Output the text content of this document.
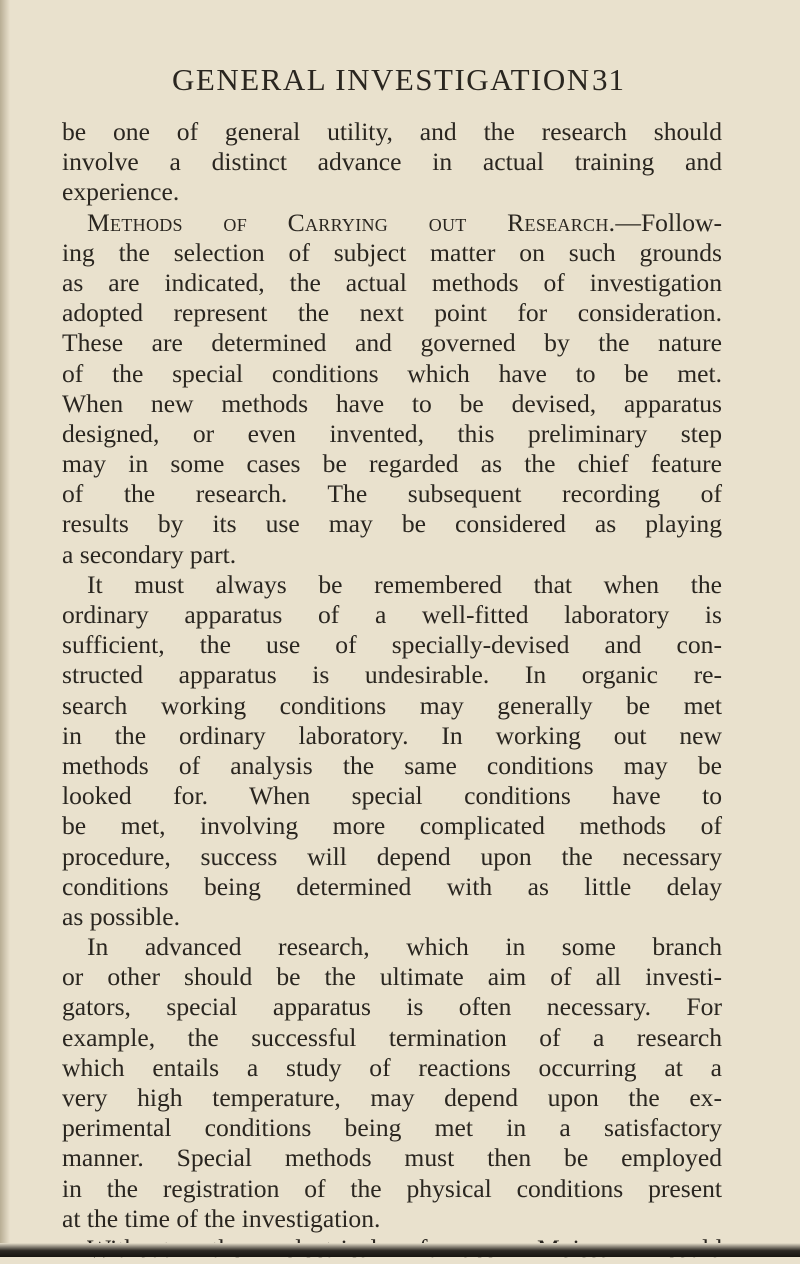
GENERAL INVESTIGATION 31
be one of general utility, and the research should
involve a distinct advance in actual training and
experience.
Methods of Carrying out Research.—Follow-
ing the selection of subject matter on such grounds
as are indicated, the actual methods of investigation
adopted represent the next point for consideration.
These are determined and governed by the nature
of the special conditions which have to be met.
When new methods have to be devised, apparatus
designed, or even invented, this preliminary step
may in some cases be regarded as the chief feature
of the research. The subsequent recording of
results by its use may be considered as playing
a secondary part.
It must always be remembered that when the
ordinary apparatus of a well-fitted laboratory is
sufficient, the use of specially-devised and con-
structed apparatus is undesirable. In organic re-
search working conditions may generally be met
in the ordinary laboratory. In working out new
methods of analysis the same conditions may be
looked for. When special conditions have to
be met, involving more complicated methods of
procedure, success will depend upon the necessary
conditions being determined with as little delay
as possible.
In advanced research, which in some branch
or other should be the ultimate aim of all investi-
gators, special apparatus is often necessary. For
example, the successful termination of a research
which entails a study of reactions occurring at a
very high temperature, may depend upon the ex-
perimental conditions being met in a satisfactory
manner. Special methods must then be employed
in the registration of the physical conditions present
at the time of the investigation.
